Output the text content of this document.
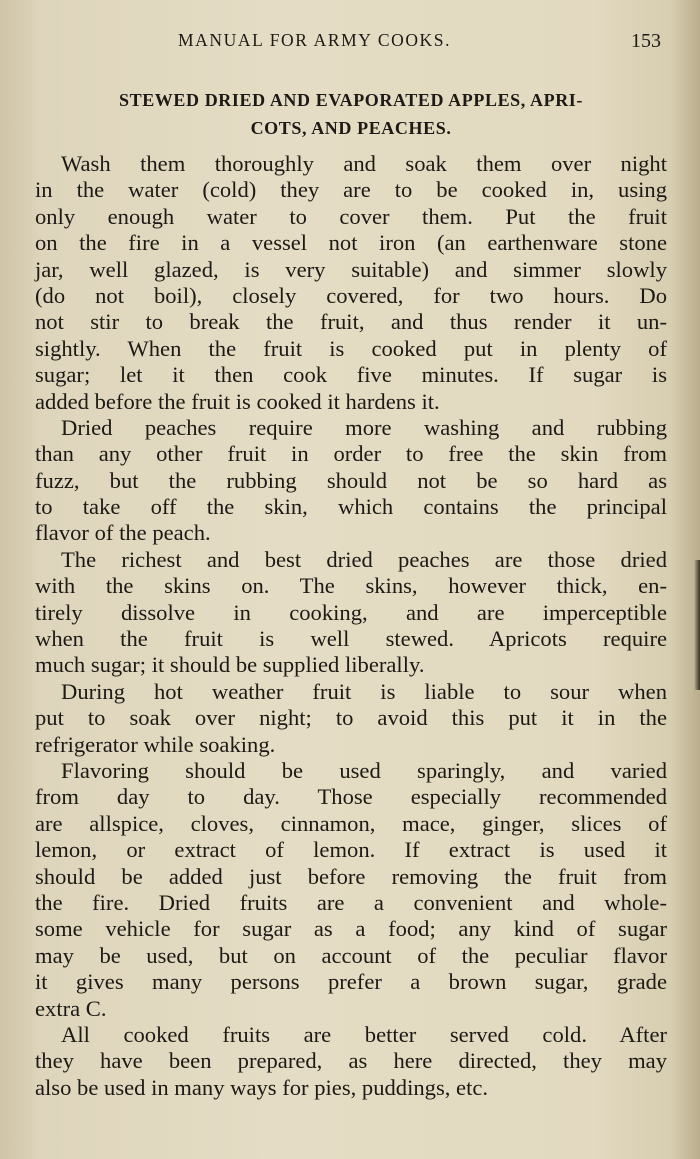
MANUAL FOR ARMY COOKS.	153
STEWED DRIED AND EVAPORATED APPLES, APRI-
COTS, AND PEACHES.
Wash them thoroughly and soak them over night
in the water (cold) they are to be cooked in, using
only enough water to cover them. Put the fruit
on the fire in a vessel not iron (an earthenware stone
jar, well glazed, is very suitable) and simmer slowly
(do not boil), closely covered, for two hours. Do
not stir to break the fruit, and thus render it un-
sightly. When the fruit is cooked put in plenty of
sugar; let it then cook five minutes. If sugar is
added before the fruit is cooked it hardens it.
Dried peaches require more washing and rubbing
than any other fruit in order to free the skin from
fuzz, but the rubbing should not be so hard as
to take off the skin, which contains the principal
flavor of the peach.
The richest and best dried peaches are those dried
with the skins on. The skins, however thick, en-
tirely dissolve in cooking, and are imperceptible
when the fruit is well stewed. Apricots require
much sugar; it should be supplied liberally.
During hot weather fruit is liable to sour when
put to soak over night; to avoid this put it in the
refrigerator while soaking.
Flavoring should be used sparingly, and varied
from day to day. Those especially recommended
are allspice, cloves, cinnamon, mace, ginger, slices of
lemon, or extract of lemon. If extract is used it
should be added just before removing the fruit from
the fire. Dried fruits are a convenient and whole-
some vehicle for sugar as a food; any kind of sugar
may be used, but on account of the peculiar flavor
it gives many persons prefer a brown sugar, grade
extra C.
All cooked fruits are better served cold. After
they have been prepared, as here directed, they may
also be used in many ways for pies, puddings, etc.
